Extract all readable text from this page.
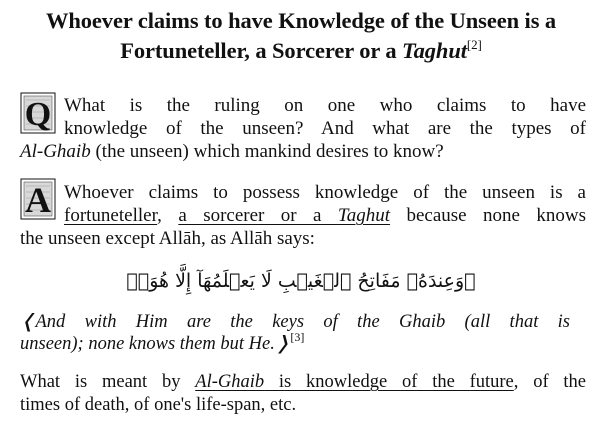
Whoever claims to have Knowledge of the Unseen is a
Fortuneteller, a Sorcerer or a Taghut[2]
Q What is the ruling on one who claims to have
knowledge of the unseen? And what are the types of
Al-Ghaib (the unseen) which mankind desires to know?
A Whoever claims to possess knowledge of the unseen is a
fortuneteller, a sorcerer or a Taghut because none knows
the unseen except Allāh, as Allāh says:
﴿وَعِندَهُۥ مَفَاتِحُ ٱلۡغَيۡبِ لَا يَعۡلَمُهَآ إِلَّا هُوَۚ﴾
❬And with Him are the keys of the Ghaib (all that is
unseen); none knows them but He.❭[3]
What is meant by Al-Ghaib is knowledge of the future, of the
times of death, of one's life-span, etc.
